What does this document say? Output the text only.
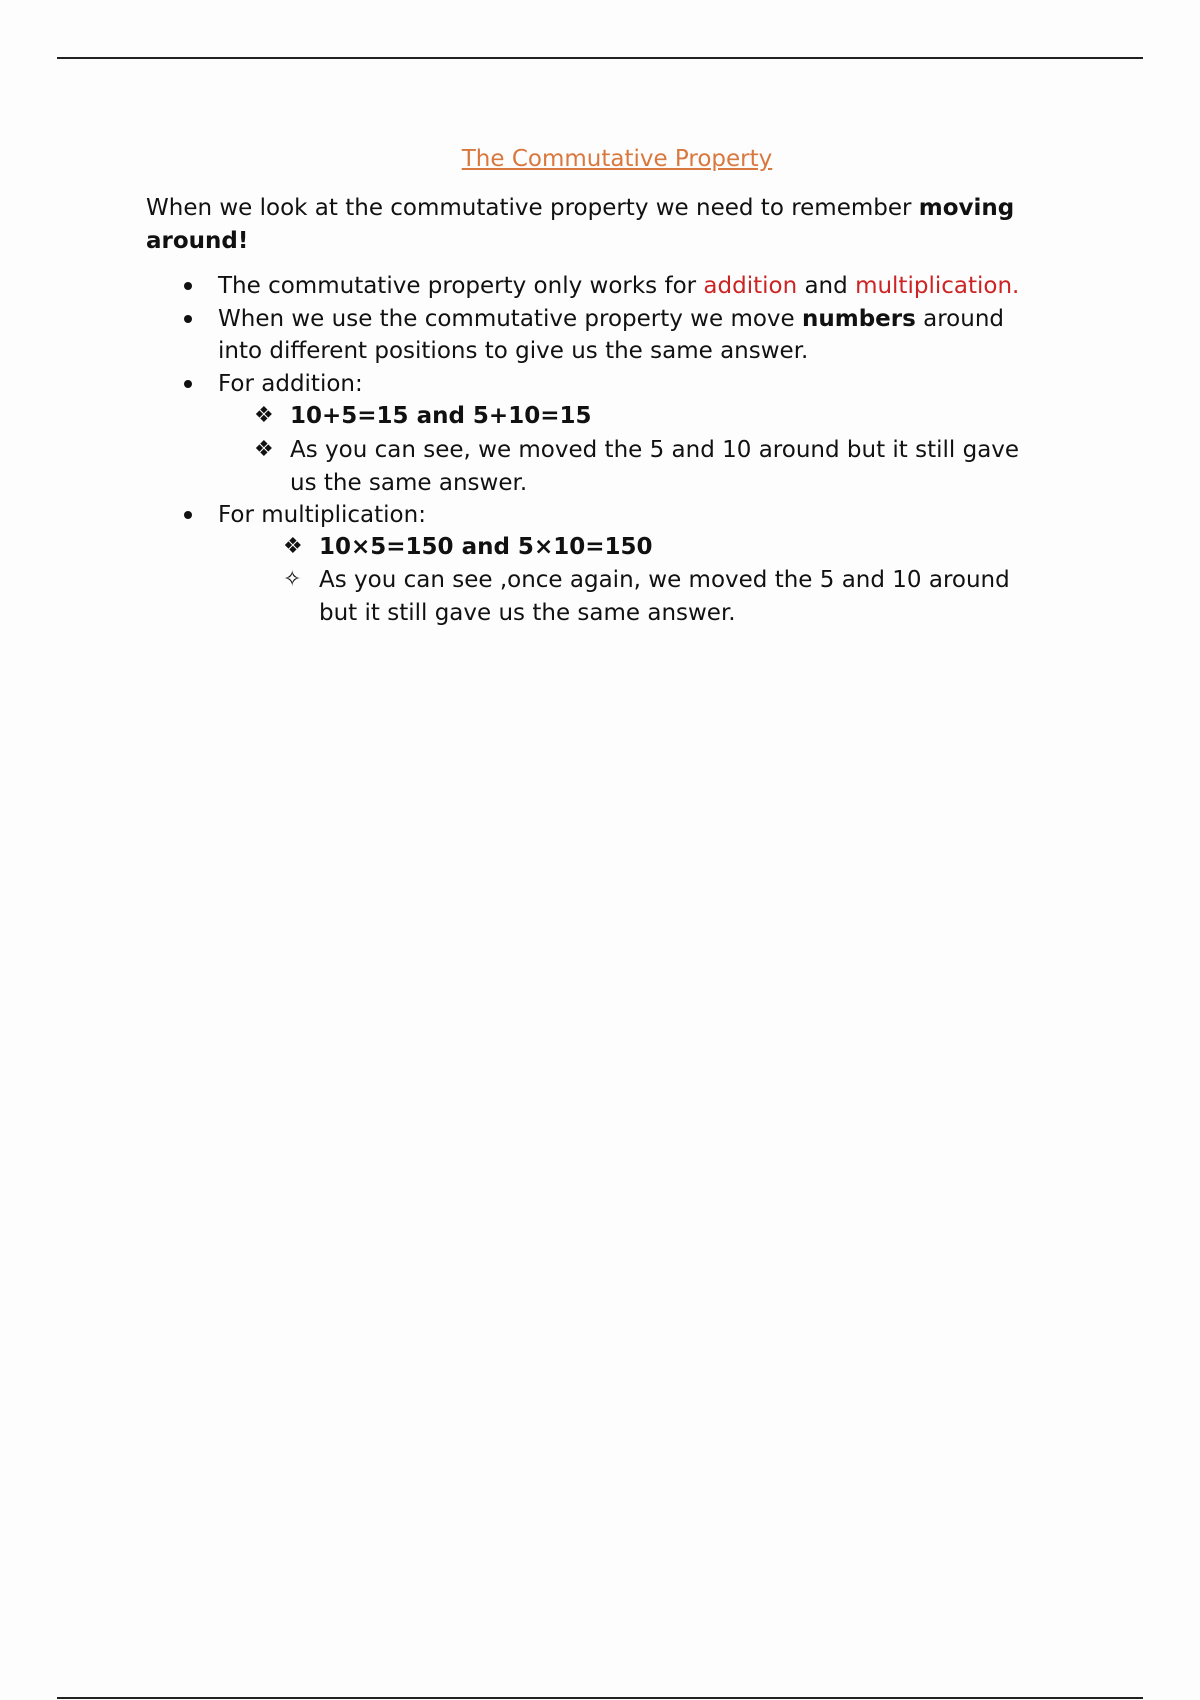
The Commutative Property
When we look at the commutative property we need to remember moving around!
The commutative property only works for addition and multiplication.
When we use the commutative property we move numbers around
into different positions to give us the same answer.
For addition:
❖ 10+5=15 and 5+10=15
❖ As you can see, we moved the 5 and 10 around but it still gave
us the same answer.
For multiplication:
❖ 10×5=150 and 5×10=150
✧ As you can see ,once again, we moved the 5 and 10 around
but it still gave us the same answer.
